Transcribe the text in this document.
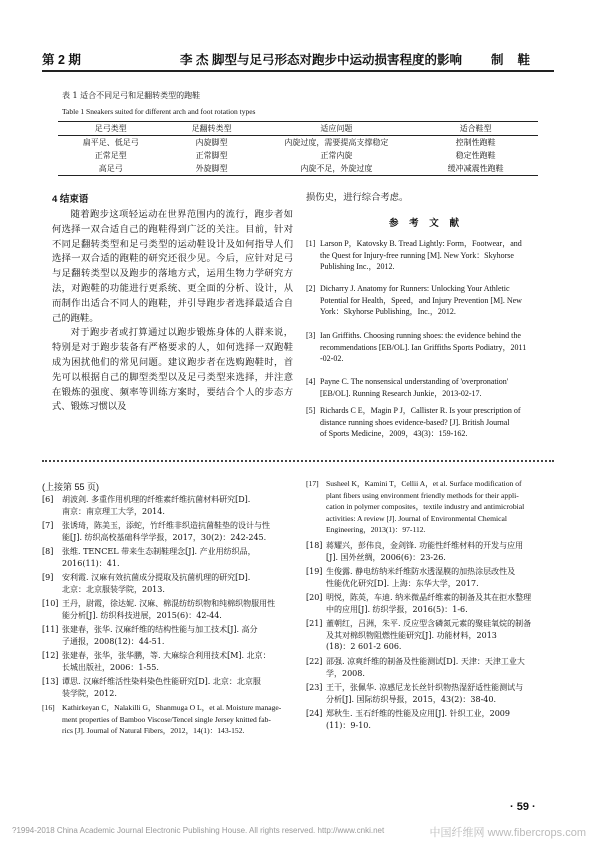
第 2 期	李 杰 脚型与足弓形态对跑步中运动损害程度的影响 制鞋
表 1 适合不同足弓和足翻转类型的跑鞋
Table 1 Sneakers suited for different arch and foot rotation types
足弓类型	足翻转类型	适应问题	适合鞋型
扁平足、低足弓	内旋脚型	内旋过度，需要提高支撑稳定	控制性跑鞋
正常足型	正常脚型	正常内旋	稳定性跑鞋
高足弓	外旋脚型	内旋不足，外旋过度	缓冲减震性跑鞋
4 结束语

随着跑步这项轻运动在世界范围内的流行，跑步者如何选择一双合适自己的跑鞋得到广泛的关注。目前，针对不同足翻转类型和足弓类型的运动鞋设计及如何指导人们选择一双合适的跑鞋的研究还很少见。今后，应针对足弓与足翻转类型以及跑步的落地方式，运用生物力学研究方法，对跑鞋的功能进行更系统、更全面的分析、设计，从而制作出适合不同人的跑鞋，并引导跑步者选择最适合自己的跑鞋。

对于跑步者或打算通过以跑步锻炼身体的人群来说，特别是对于跑步装备有严格要求的人，如何选择一双跑鞋成为困扰他们的常见问题。建议跑步者在选购跑鞋时，首先可以根据自己的脚型类型以及足弓类型来选择，并注意在锻炼的强度、频率等训练方案时，要结合个人的步态方式、锻炼习惯以及

损伤史，进行综合考虑。
参 考 文 献
[1] Larson P，Katovsky B. Tread Lightly: Form，Footwear，and
the Quest for Injury-free running [M]. New York：Skyhorse
Publishing Inc.，2012.
[2] Dicharry J. Anatomy for Runners: Unlocking Your Athletic
Potential for Health，Speed，and Injury Prevention [M]. New
York：Skyhorse Publishing，Inc.，2012.
[3] Ian Griffiths. Choosing running shoes: the evidence behind the
recommendations [EB/OL]. Ian Griffiths Sports Podiatry，2011
-02-02.
[4] Payne C. The nonsensical understanding of 'overpronation'
[EB/OL]. Running Research Junkie，2013-02-17.
[5] Richards C E，Magin P J，Callister R. Is your prescription of
distance running shoes evidence-based? [J]. British Journal
of Sports Medicine，2009，43(3)：159-162.
(上接第 55 页)
[6] 胡波剑. 多重作用机理的纤维素纤维抗菌材料研究[D].
南京：南京理工大学，2014.
[7] 张诱琦，陈美玉，添蛇，竹纤维非织造抗菌鞋垫的设计与性
能[J]. 纺织高校基础科学学报，2017，30(2)：242-245.
[8] 张维. TENCEL 带来生态制鞋理念[J]. 产业用纺织品，
2016(11)：41.
[9] 安利霞. 汉麻有效抗菌成分提取及抗菌机理的研究[D].
北京：北京服装学院，2013.
[10] 王丹，尉霞，徐达妮. 汉麻、棉混纺纺织物和纯棉织物服用性
能分析[J]. 纺织科技进展，2015(6)：42-44.
[11] 张建春，张华. 汉麻纤维的结构性能与加工技术[J]. 高分
子通报，2008(12)：44-51.
[12] 张建春，张华，张华鹏，等. 大麻综合利用技术[M]. 北京：
长城出版社，2006：1-55.
[13] 谭思. 汉麻纤维活性染料染色性能研究[D]. 北京：北京服
装学院，2012.
[16] Kathirkeyan C，Nalakilli G，Shanmuga O L，et al. Moisture manage-
ment properties of Bamboo Viscose/Tencel single Jersey knitted fab-
rics [J]. Journal of Natural Fibers，2012，14(1)：143-152.
[17] Susheel K，Kamini T，Cellii A，et al. Surface modification of
plant fibers using environment friendly methods for their appli-
cation in polymer composites，textile industry and antimicrobial
activities: A review [J]. Journal of Environmental Chemical
Engineering，2013(1)：97-112.
[18] 蒋耀兴，彭伟良，金剑锋. 功能性纤维材料的开发与应用
[J]. 国外丝绸，2006(6)：23-26.
[19] 生俊露. 静电纺纳米纤维防水透湿膜的加热涂层改性及
性能优化研究[D]. 上海：东华大学，2017.
[20] 明悦，陈英，车迪. 纳米微晶纤维素的制备及其在拒水整理
中的应用[J]. 纺织学报，2016(5)：1-6.
[21] 董朝红，吕洲，朱平. 反应型含磷氮元素的聚硅氧烷的制备
及其对棉织物阻燃性能研究[J]. 功能材料，2013
(18)：2 601-2 606.
[22] 邵强. 凉爽纤维的制备及性能测试[D]. 天津：天津工业大
学，2008.
[23] 王干，张佩华. 凉感尼龙长丝针织物热湿舒适性能测试与
分析[J]. 国际纺织导报，2015，43(2)：38-40.
[24] 郑秋生. 玉石纤维的性能及应用[J]. 针织工业，2009
(11)：9-10.
· 59 ·
?1994-2018 China Academic Journal Electronic Publishing House. All rights reserved. http://www.cnki.net	中国纤维网 www.fibercrops.com
